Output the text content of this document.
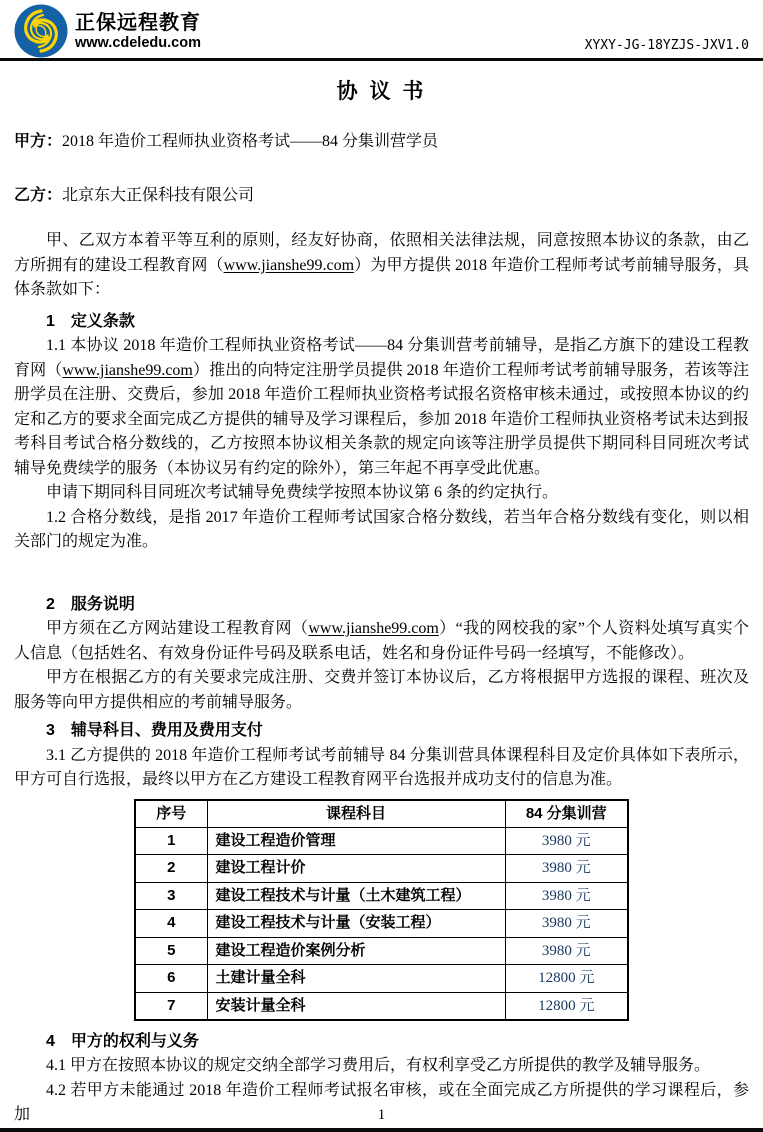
正保远程教育
www.cdeledu.com	XYXY-JG-18YZJS-JXV1.0
协 议 书

甲方：2018 年造价工程师执业资格考试——84 分集训营学员

乙方：北京东大正保科技有限公司

甲、乙双方本着平等互利的原则，经友好协商，依照相关法律法规，同意按照本协议的条款，由乙方所拥有的建设工程教育网（www.jianshe99.com）为甲方提供 2018 年造价工程师考试考前辅导服务，具体条款如下：

1　定义条款

1.1 本协议 2018 年造价工程师执业资格考试——84 分集训营考前辅导，是指乙方旗下的建设工程教育网（www.jianshe99.com）推出的向特定注册学员提供 2018 年造价工程师考试考前辅导服务，若该等注册学员在注册、交费后，参加 2018 年造价工程师执业资格考试报名资格审核未通过，或按照本协议的约定和乙方的要求全面完成乙方提供的辅导及学习课程后，参加 2018 年造价工程师执业资格考试未达到报考科目考试合格分数线的，乙方按照本协议相关条款的规定向该等注册学员提供下期同科目同班次考试辅导免费续学的服务（本协议另有约定的除外），第三年起不再享受此优惠。

申请下期同科目同班次考试辅导免费续学按照本协议第 6 条的约定执行。

1.2 合格分数线，是指 2017 年造价工程师考试国家合格分数线，若当年合格分数线有变化，则以相关部门的规定为准。

2　服务说明

甲方须在乙方网站建设工程教育网（www.jianshe99.com）“我的网校我的家”个人资料处填写真实个人信息（包括姓名、有效身份证件号码及联系电话，姓名和身份证件号码一经填写，不能修改）。

甲方在根据乙方的有关要求完成注册、交费并签订本协议后，乙方将根据甲方选报的课程、班次及服务等向甲方提供相应的考前辅导服务。

3　辅导科目、费用及费用支付

3.1 乙方提供的 2018 年造价工程师考试考前辅导 84 分集训营具体课程科目及定价具体如下表所示，甲方可自行选报，最终以甲方在乙方建设工程教育网平台选报并成功支付的信息为准。

序号	课程科目	84 分集训营
1	建设工程造价管理	3980 元
2	建设工程计价	3980 元
3	建设工程技术与计量（土木建筑工程）	3980 元
4	建设工程技术与计量（安装工程）	3980 元
5	建设工程造价案例分析	3980 元
6	土建计量全科	12800 元
7	安装计量全科	12800 元
4　甲方的权利与义务

4.1 甲方在按照本协议的规定交纳全部学习费用后，有权利享受乙方所提供的教学及辅导服务。

4.2 若甲方未能通过 2018 年造价工程师考试报名审核，或在全面完成乙方所提供的学习课程后，参加	1
